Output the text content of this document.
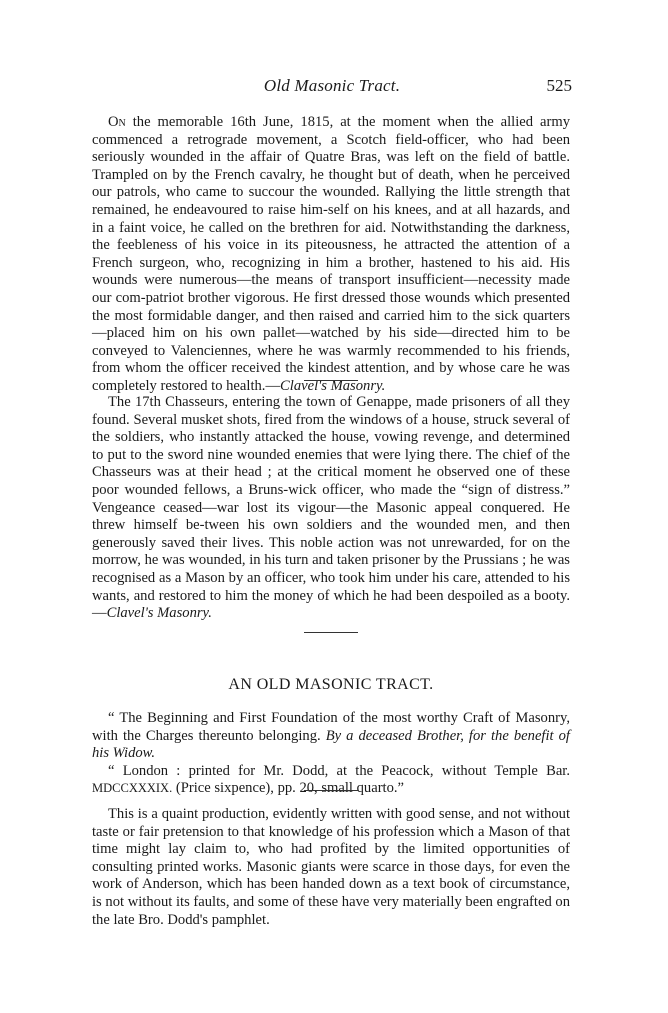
Old Masonic Tract.	525

On the memorable 16th June, 1815, at the moment when the allied army commenced a retrograde movement, a Scotch field-officer, who had been seriously wounded in the affair of Quatre Bras, was left on the field of battle. Trampled on by the French cavalry, he thought but of death, when he perceived our patrols, who came to succour the wounded. Rallying the little strength that remained, he endeavoured to raise him-self on his knees, and at all hazards, and in a faint voice, he called on the brethren for aid. Notwithstanding the darkness, the feebleness of his voice in its piteousness, he attracted the attention of a French surgeon, who, recognizing in him a brother, hastened to his aid. His wounds were numerous—the means of transport insufficient—necessity made our com-patriot brother vigorous. He first dressed those wounds which presented the most formidable danger, and then raised and carried him to the sick quarters—placed him on his own pallet—watched by his side—directed him to be conveyed to Valenciennes, where he was warmly recommended to his friends, from whom the officer received the kindest attention, and by whose care he was completely restored to health.—Clavel's Masonry.

The 17th Chasseurs, entering the town of Genappe, made prisoners of all they found. Several musket shots, fired from the windows of a house, struck several of the soldiers, who instantly attacked the house, vowing revenge, and determined to put to the sword nine wounded enemies that were lying there. The chief of the Chasseurs was at their head ; at the critical moment he observed one of these poor wounded fellows, a Bruns-wick officer, who made the “sign of distress.” Vengeance ceased—war lost its vigour—the Masonic appeal conquered. He threw himself be-tween his own soldiers and the wounded men, and then generously saved their lives. This noble action was not unrewarded, for on the morrow, he was wounded, in his turn and taken prisoner by the Prussians ; he was recognised as a Mason by an officer, who took him under his care, attended to his wants, and restored to him the money of which he had been despoiled as a booty.—Clavel's Masonry.

AN OLD MASONIC TRACT.

“ The Beginning and First Foundation of the most worthy Craft of Masonry, with the Charges thereunto belonging. By a deceased Brother, for the benefit of his Widow.

“ London : printed for Mr. Dodd, at the Peacock, without Temple Bar. MDCCXXXIX. (Price sixpence), pp. 20, small quarto.”

This is a quaint production, evidently written with good sense, and not without taste or fair pretension to that knowledge of his profession which a Mason of that time might lay claim to, who had profited by the limited opportunities of consulting printed works. Masonic giants were scarce in those days, for even the work of Anderson, which has been handed down as a text book of circumstance, is not without its faults, and some of these have very materially been engrafted on the late Bro. Dodd's pamphlet.
